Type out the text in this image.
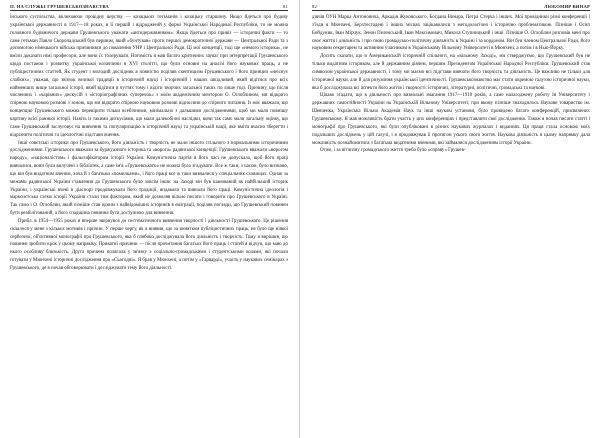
II. НА СЛУЖБІ ГРУШЕВСЬКОЗНАВСТВА	81

і́нського суспільства, включаючи провідну верству — козацьких гетьманів і козацьку старшину. Якщо йдеться про будову української державності в 1917—18 роках, в її першій і відродженій у формі Української Народньої Республіки, то не можна головного будівничого держави Грушевського уважати «антидержавником». Якщо йдеться про привіз — історичні факти — то саме гетьман Павло Скоропадський був першим, який «бунтував» проти першої демократичної держави — Центральної Ради та з допомогою німецького війська причинився до повалення УНР і Центральної Ради. Ці мої концепції, тоді ще «немого історика», не вміли доказати німі професори, але вони їх толерували. Натомість я мав багато критичних зауваг при інтерпретації Грушевського щодо постанов і розвитку української козаччини в XVI столітті, що були основні на аналізі його наукових праць, а не публіцистичних статтей. Як студент і молодий дослідник я повністю поділяв скептицизм Грушевського і його принцип «неіснує слабких»; уважав, що зв'язок великої традиції в історичній науці і історичній і наших шкідливий, який відітися про всіх найменших вище загальної історії, який відітися в чуттях тому і відіти творчих загальної таких по лише тоді. Причину, що після численних і «чарівних» дискусій з «історіографічних суперечок» з моїм академічним ментором О. Оглоблином, ми відкрито спірною науковою розмові з зоною, що ми відкрито спірною науковою розмові відносини до спірного питання. Із моє вважали, що концепцію Грушевського можна перевірити тільки всебічними, мінімально з дальшими дослідженнями, щоб ми мали повнішу картину всієї ранньої історії. Навіть із такими дискусіями, що мали далекобічні наслідки, вони так само мали загальну оцінку, що саме Грушевський заслуговує на вивчення та популяризацію в історичній науці та українській нації, яке вміти вчасно зберегти і відрізнити політичні та ідеологічні підстави вчення.

Інші совєтські історики про Грушевського, його діяльність і творчість не мали іншого стільного з нормальними історичними дослідженнями. Грушевського вважали за буржуазного історика та «ворога» радянської концепції. Грушевського вважали «ворогом народу», «націоналістом» і фальсифікатором історії України. Комуністична партія в його часі не допускала, щоб його праці вивчалися, вони були вилучені з бібліотек, а саме ім'я «Грушевського» не можна було згадувати. Все ж таки, з часом, було визнано, що він був видатним вченим, хоча й з багатьма «помилками», і його праці все ж таки вивчалися у спеціальних сховищах. Однак за межами радянської України ставлення до Грушевського було зовсім інше: на Заході він був шанований як найбільший історик України, і українські вчені в діаспорі продовжували його традиції, видавали та вивчали його праці. Комуністична ідеологія і марксистська схема історії України стали тим фактором, який не дозволяв вільно писати і говорити про Грушевського в Україні. Так само і О. Оглоблин, який пізніше став одним з найвідоміших істориків в еміграції, поділяв погляди, що Грушевський повинен бути реабілітований, а його спадщина повинна бути доступною для вивчення.

Прибл. в 1954—1955 роках я вперше звернувся до систематичного вивчення творчості і діяльності Грушевського. Це рішення склалося у мене з кількох мотивів і причин. У перше чергу, як я виявив, що за винятком публіцистичних праць, не було ще ніякої серйозної, об'єктивної монографії про Грушевського, яка б глибоко досліджувала його діяльність і творчість. Тому я вирішив, що повинен зробити крок у цьому напрямку. Приватні причини — після прочитання багатьох його праць і статей я відчув, що маю до нього особливу близькість. Друга причина полягала у зв'язку з соціально-громадськими і студентськими колами, які почали готувати у Мюнхені історичні дослідження про «Сьогодні». Я брав у Мюнхені, а потім у «Гарварді», участь у наукових семінарах з Грушевського, де я почав обговорювати і досліджувати тему його діяльності.

82	ЛЮБОМИР ВИНАР

діячів ОУН Марка Антоновича, Аркадія Жуковського, Богдана Винара, Петра Стерча і інших. Мої провідники різні конференції і з'їзди в Мюнхені, Берхтесгадені і інших місцях зацікавилися з методологічно і історично проблематикою. Пізніше і Осип Бойдуник, Іван Мірчук, Зенон Пеленський, Іван Максимович, Микола Ступницький і інші. Пізніше О. Оглоблин розповів мені про своє життя і діяльність і про свою громадсько-політичну діяльність в Україні і за кордоном. Він був членом Центральної Ради, його науковим секретарем та активним учасником в Українському Вільному Університеті в Мюнхені, а потім і в Нью-Йорку.

Досить сказати, що в Американській історичній спільноті, на «вільному Заході», ми стверджуємо, що Грушевський був не тільки видатним істориком, але й державним діячем, першим Президентом Української Народної Республіки. Грушевський став символом української державності, і тому ми маємо всі підстави вивчати його творчість та діяльність. Це важливо не тільки для історичної науки, але й для розуміння української ідентичності. Грушевськознавство має стати окремою галуззю історичної науки, яка б досліджувала всі аспекти його життя і творчості: історичні, літературні, політичні, громадські та наукові.

Цікаво згадати, що в діяльності про визвольні змагання 1917—1918 років, а саме налагоджену роботу Ів Університету і державних самостійності України на Українській Вільному Університеті, при якому пізніше знаходилось Наукове товариство ім. Шевченка, Українська Вільна Академія Наук та інші наукові установи, було проведено багато конференцій, присвячених Грушевському. Я мав можливість брати участь у цих конференціях і представляти свої дослідження. Також я почав писати статті і монографії про Грушевського, які були опубліковані в різних наукових журналах і виданнях. Ця праця стала основою моїх подальших досліджень у цій галузі, і я продовжував її протягом усього свого життя. Наукова діяльність в цьому напрямку дала можливість познайомитися з багатьма видатними вченими, які займалися дослідженням історії України.

Отже, і за вітчизну громадського життя треба було «справу» Грушев-
